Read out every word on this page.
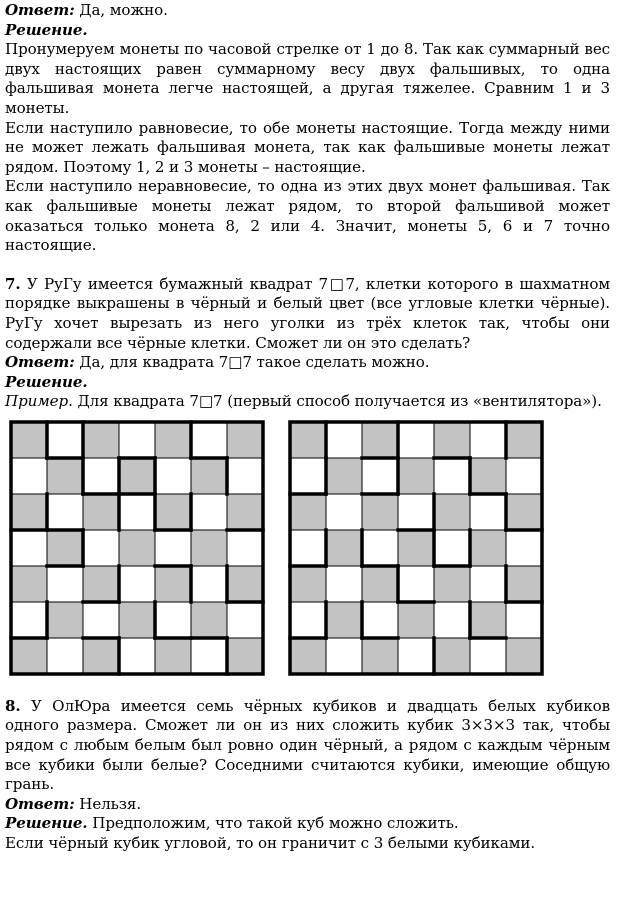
Ответ: Да, можно.

Решение.

Пронумеруем монеты по часовой стрелке от 1 до 8. Так как суммарный вес двух настоящих равен суммарному весу двух фальшивых, то одна фальшивая монета легче настоящей, а другая тяжелее. Сравним 1 и 3 монеты.

Если наступило равновесие, то обе монеты настоящие. Тогда между ними не может лежать фальшивая монета, так как фальшивые монеты лежат рядом. Поэтому 1, 2 и 3 монеты – настоящие.

Если наступило неравновесие, то одна из этих двух монет фальшивая. Так как фальшивые монеты лежат рядом, то второй фальшивой может оказаться только монета 8, 2 или 4. Значит, монеты 5, 6 и 7 точно настоящие.

7. У РуГу имеется бумажный квадрат 7□7, клетки которого в шахматном порядке выкрашены в чёрный и белый цвет (все угловые клетки чёрные). РуГу хочет вырезать из него уголки из трёх клеток так, чтобы они содержали все чёрные клетки. Сможет ли он это сделать?

Ответ: Да, для квадрата 7□7 такое сделать можно.

Решение.

Пример. Для квадрата 7□7 (первый способ получается из «вентилятора»).

8. У ОлЮра имеется семь чёрных кубиков и двадцать белых кубиков одного размера. Сможет ли он из них сложить кубик 3×3×3 так, чтобы рядом с любым белым был ровно один чёрный, а рядом с каждым чёрным все кубики были белые? Соседними считаются кубики, имеющие общую грань.

Ответ: Нельзя.

Решение. Предположим, что такой куб можно сложить.

Если чёрный кубик угловой, то он граничит с 3 белыми кубиками.
